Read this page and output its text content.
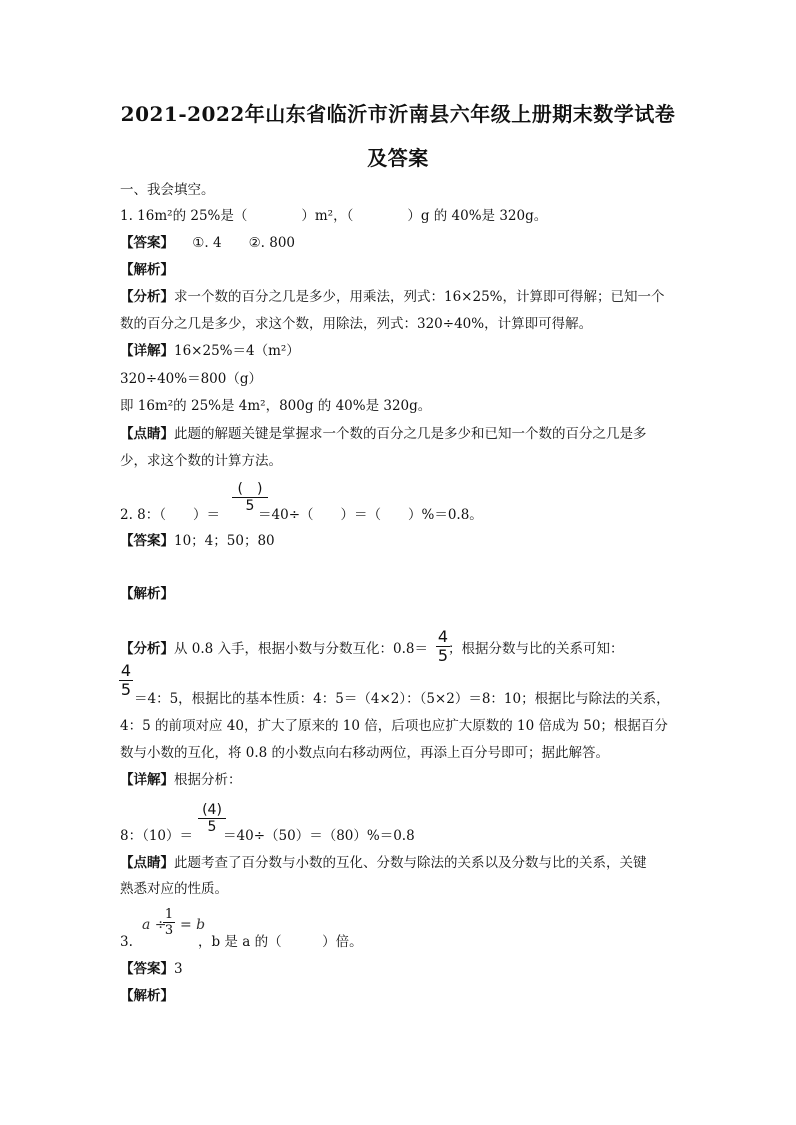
2021-2022年山东省临沂市沂南县六年级上册期末数学试卷
及答案
一、我会填空。
1. 16m²的 25%是（　　　　）m²，（　　　　）g 的 40%是 320g。
【答案】 ①. 4　　②. 800
【解析】
【分析】求一个数的百分之几是多少，用乘法，列式：16×25%，计算即可得解；已知一个
数的百分之几是多少，求这个数，用除法，列式：320÷40%，计算即可得解。
【详解】16×25%＝4（m²）
320÷40%＝800（g）
即 16m²的 25%是 4m²，800g 的 40%是 320g。
【点睛】此题的解题关键是掌握求一个数的百分之几是多少和已知一个数的百分之几是多
少，求这个数的计算方法。
(　)
5
2. 8：（　　）＝	＝40÷（　　）＝（　　）%＝0.8。
【答案】10；4；50；80
【解析】
4
5
【分析】从 0.8 入手，根据小数与分数互化：0.8＝ ；根据分数与比的关系可知：
4
5 ＝4：5，根据比的基本性质：4：5＝（4×2）：（5×2）＝8：10；根据比与除法的关系，
4：5 的前项对应 40，扩大了原来的 10 倍，后项也应扩大原数的 10 倍成为 50；根据百分
数与小数的互化，将 0.8 的小数点向右移动两位，再添上百分号即可；据此解答。
【详解】根据分析：
(4)
5
8：（10）＝ ＝40÷（50）＝（80）%＝0.8
【点睛】此题考查了百分数与小数的互化、分数与除法的关系以及分数与比的关系，关键
熟悉对应的性质。
a ÷
1
3 = b
3.	，b 是 a 的（　　　）倍。
【答案】3
【解析】
